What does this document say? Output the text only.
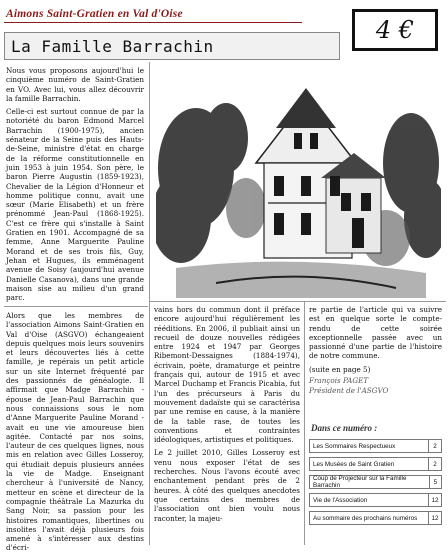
Aimons Saint-Gratien en Val d'Oise
4 €
La Famille Barrachin

Nous vous proposons aujourd'hui le cinquième numéro de Saint-Gratien en VO. Avec lui, vous allez découvrir la famille Barrachin.

Celle-ci est surtout connue de par la notoriété du baron Edmond Marcel Barrachin (1900-1975), ancien sénateur de la Seine puis des Hauts-de-Seine, ministre d'état en charge de la réforme constitutionnelle en juin 1953 à juin 1954. Son père, le baron Pierre Augustin (1859-1923), Chevalier de la Légion d'Honneur et homme politique connu, avait une sœur (Marie Elisabeth) et un frère prénommé Jean-Paul (1868-1925). C'est ce frère qui s'installe à Saint Gratien en 1901. Accompagné de sa femme, Anne Marguerite Pauline Morand et de ses trois fils, Guy, Jehan et Hugues, ils emménagent avenue de Soisy (aujourd'hui avenue Danielle Casanova), dans une grande maison sise au milieu d'un grand parc.

Alors que les membres de l'association Aimons Saint-Gratien en Val d'Oise (ASGVO) échangeaient depuis quelques mois leurs souvenirs et leurs découvertes liés à cette famille, je repérais un petit article sur un site Internet fréquenté par des passionnés de généalogie. Il affirmait que Madge Barrachin - épouse de Jean-Paul Barrachin que nous connaissions sous le nom d'Anne Marguerite Pauline Morand - avait eu une vie amoureuse bien agitée. Contacté par nos soins, l'auteur de ces quelques lignes, nous mis en relation avec Gilles Losseroy, qui étudiait depuis plusieurs années la vie de Madge. Enseignant chercheur à l'université de Nancy, metteur en scène et directeur de la compagnie théâtrale La Mazurka du Sang Noir, sa passion pour les histoires romantiques, libertines ou insolites l'avait déjà plusieurs fois amené à s'intéresser aux destins d'écri-

vains hors du commun dont il préface encore aujourd'hui régulièrement les rééditions. En 2006, il publiait ainsi un recueil de douze nouvelles rédigées entre 1924 et 1947 par Georges Ribemont-Dessaignes (1884-1974), écrivain, poète, dramaturge et peintre français qui, autour de 1915 et avec Marcel Duchamp et Francis Picabia, fut l'un des précurseurs à Paris du mouvement dadaïste qui se caractérisa par une remise en cause, à la manière de la table rase, de toutes les conventions et contraintes idéologiques, artistiques et politiques.

Le 2 juillet 2010, Gilles Losseroy est venu nous exposer l'état de ses recherches. Nous l'avons écouté avec enchantement pendant près de 2 heures. À côté des quelques anecdotes que certains des membres de l'association ont bien voulu nous raconter, la majeu-

re partie de l'article qui va suivre est en quelque sorte le compte-rendu de cette soirée exceptionnelle passée avec un passionné d'une partie de l'histoire de notre commune.

(suite en page 5)

François PAGET

Président de l'ASGVO

Dans ce numéro :
Les Sommaires Respectueux	2
Les Musées de Saint Gratien	2
Coup de Projecteur sur la Famille Barrachin	5
Vie de l'Association	12
Au sommaire des prochains numéros	12
